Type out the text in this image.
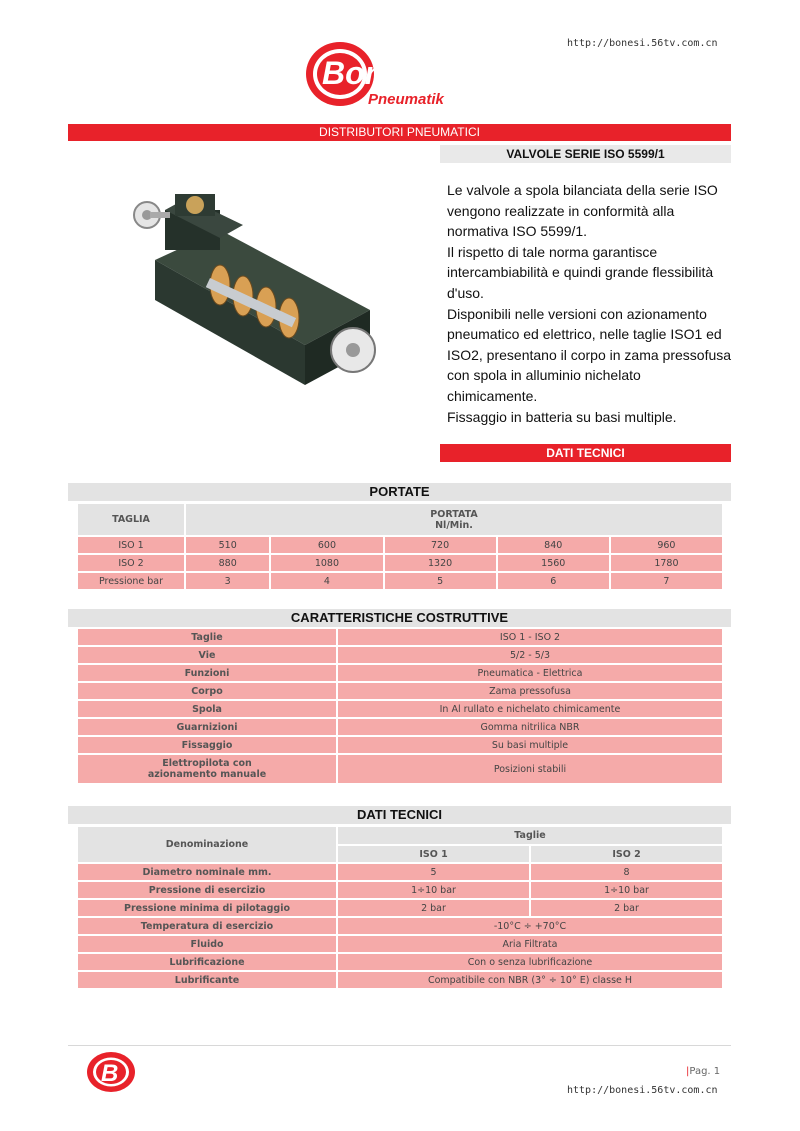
http://bonesi.56tv.com.cn
Bonesi
Pneumatik
DISTRIBUTORI PNEUMATICI
VALVOLE SERIE ISO 5599/1

Le valvole a spola bilanciata della serie ISO vengono realizzate in conformità alla normativa ISO 5599/1.

Il rispetto di tale norma garantisce intercambiabilità e quindi grande flessibilità d'uso.

Disponibili nelle versioni con azionamento pneumatico ed elettrico, nelle taglie ISO1 ed ISO2, presentano il corpo in zama pressofusa con spola in alluminio nichelato chimicamente.

Fissaggio in batteria su basi multiple.

DATI TECNICI
PORTATE
TAGLIA	PORTATA
Nl/Min.				
ISO 1	510	600	720	840	960
ISO 2	880	1080	1320	1560	1780
Pressione bar	3	4	5	6	7
CARATTERISTICHE COSTRUTTIVE
Taglie	ISO 1 - ISO 2
Vie	5/2 - 5/3
Funzioni	Pneumatica - Elettrica
Corpo	Zama pressofusa
Spola	In Al rullato e nichelato chimicamente
Guarnizioni	Gomma nitrilica NBR
Fissaggio	Su basi multiple
Elettropilota con azionamento manuale	Posizioni stabili
DATI TECNICI
Denominazione	Taglie	
	ISO 1	ISO 2
Diametro nominale mm.	5	8
Pressione di esercizio	1÷10 bar	1÷10 bar
Pressione minima di pilotaggio	2 bar	2 bar
Temperatura di esercizio	-10°C ÷ +70°C	
Fluido	Aria Filtrata	
Lubrificazione	Con o senza lubrificazione	
Lubrificante	Compatibile con NBR (3° ÷ 10° E) classe H	
B	|Pag. 1
http://bonesi.56tv.com.cn
